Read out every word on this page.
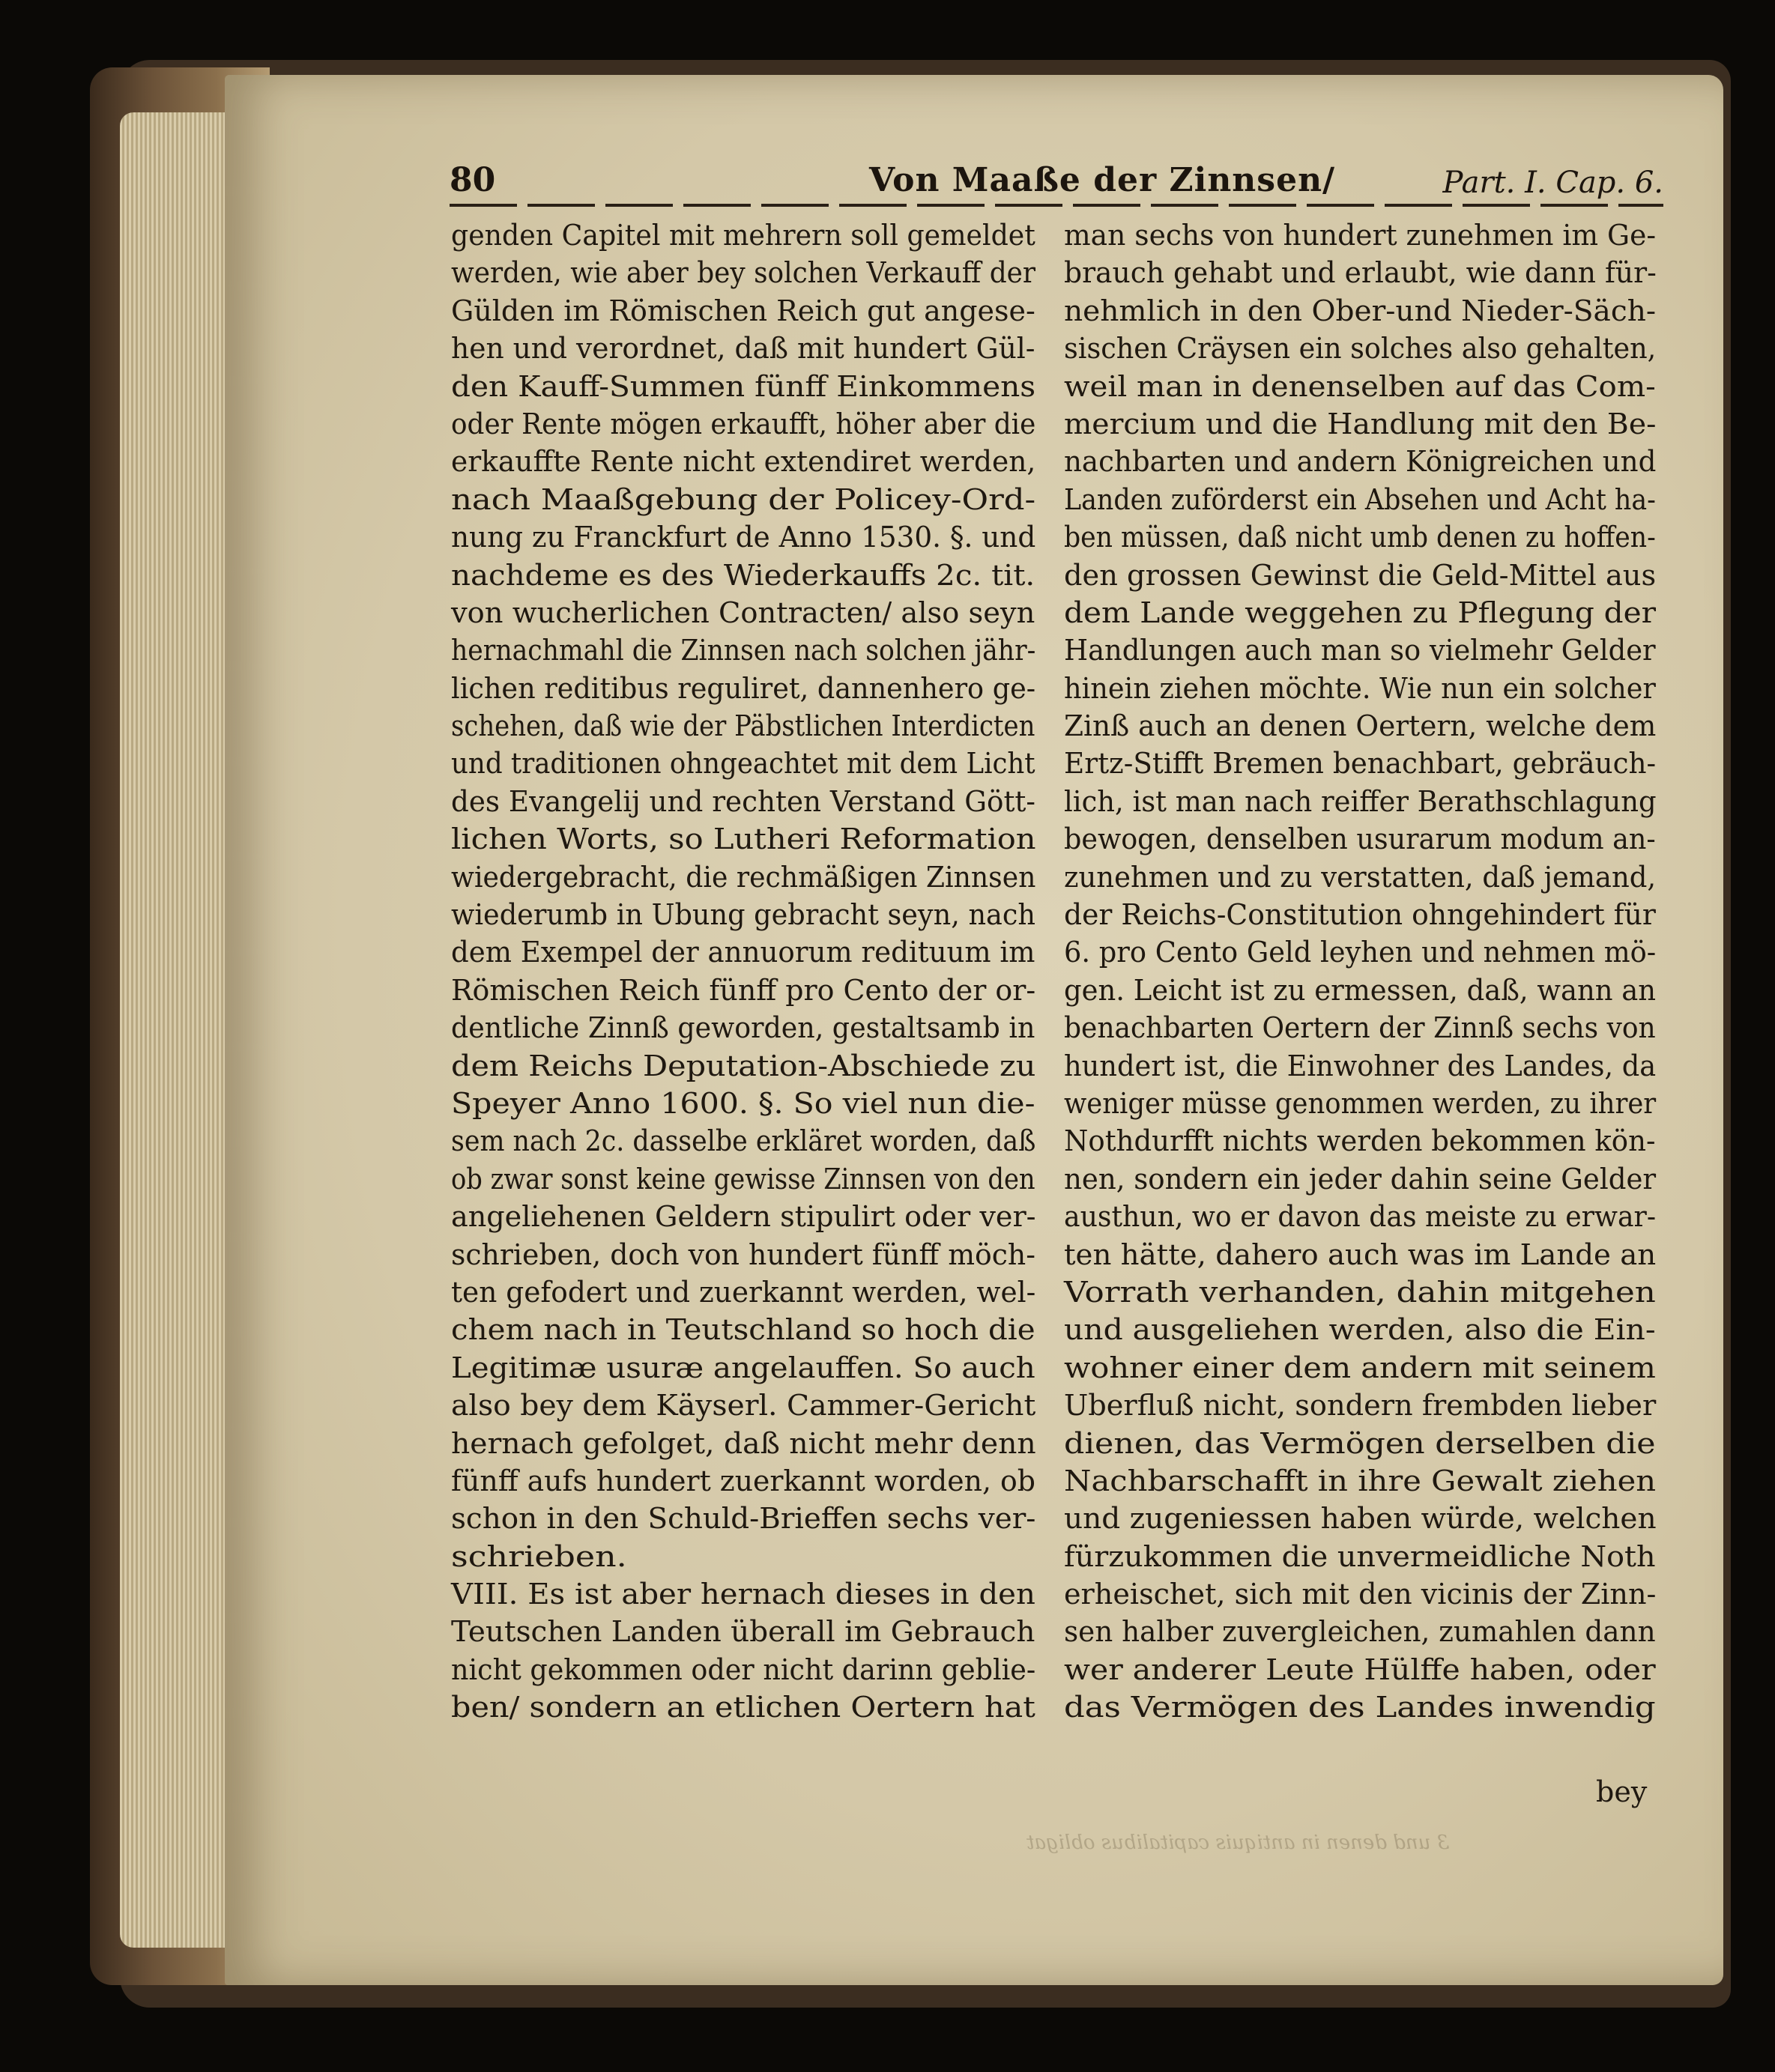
80	Von Maaße der Zinnsen/	Part. I. Cap. 6.
genden Capitel mit mehrern soll gemeldet
werden, wie aber bey solchen Verkauff der
Gülden im Römischen Reich gut angese-
hen und verordnet, daß mit hundert Gül-
den Kauff-Summen fünff Einkommens
oder Rente mögen erkaufft, höher aber die
erkauffte Rente nicht extendiret werden,
nach Maaßgebung der Policey-Ord-
nung zu Franckfurt de Anno 1530. §. und
nachdeme es des Wiederkauffs 2c. tit.
von wucherlichen Contracten/ also seyn
hernachmahl die Zinnsen nach solchen jähr-
lichen reditibus reguliret, dannenhero ge-
schehen, daß wie der Päbstlichen Interdicten
und traditionen ohngeachtet mit dem Licht
des Evangelij und rechten Verstand Gött-
lichen Worts, so Lutheri Reformation
wiedergebracht, die rechmäßigen Zinnsen
wiederumb in Ubung gebracht seyn, nach
dem Exempel der annuorum redituum im
Römischen Reich fünff pro Cento der or-
dentliche Zinnß geworden, gestaltsamb in
dem Reichs Deputation-Abschiede zu
Speyer Anno 1600. §. So viel nun die-
sem nach 2c. dasselbe erkläret worden, daß
ob zwar sonst keine gewisse Zinnsen von den
angeliehenen Geldern stipulirt oder ver-
schrieben, doch von hundert fünff möch-
ten gefodert und zuerkannt werden, wel-
chem nach in Teutschland so hoch die
Legitimæ usuræ angelauffen. So auch
also bey dem Käyserl. Cammer-Gericht
hernach gefolget, daß nicht mehr denn
fünff aufs hundert zuerkannt worden, ob
schon in den Schuld-Brieffen sechs ver-
schrieben.
VIII. Es ist aber hernach dieses in den
Teutschen Landen überall im Gebrauch
nicht gekommen oder nicht darinn geblie-
ben/ sondern an etlichen Oertern hat
man sechs von hundert zunehmen im Ge-
brauch gehabt und erlaubt, wie dann für-
nehmlich in den Ober-und Nieder-Säch-
sischen Cräysen ein solches also gehalten,
weil man in denenselben auf das Com-
mercium und die Handlung mit den Be-
nachbarten und andern Königreichen und
Landen zuförderst ein Absehen und Acht ha-
ben müssen, daß nicht umb denen zu hoffen-
den grossen Gewinst die Geld-Mittel aus
dem Lande weggehen zu Pflegung der
Handlungen auch man so vielmehr Gelder
hinein ziehen möchte. Wie nun ein solcher
Zinß auch an denen Oertern, welche dem
Ertz-Stifft Bremen benachbart, gebräuch-
lich, ist man nach reiffer Berathschlagung
bewogen, denselben usurarum modum an-
zunehmen und zu verstatten, daß jemand,
der Reichs-Constitution ohngehindert für
6. pro Cento Geld leyhen und nehmen mö-
gen. Leicht ist zu ermessen, daß, wann an
benachbarten Oertern der Zinnß sechs von
hundert ist, die Einwohner des Landes, da
weniger müsse genommen werden, zu ihrer
Nothdurfft nichts werden bekommen kön-
nen, sondern ein jeder dahin seine Gelder
austhun, wo er davon das meiste zu erwar-
ten hätte, dahero auch was im Lande an
Vorrath verhanden, dahin mitgehen
und ausgeliehen werden, also die Ein-
wohner einer dem andern mit seinem
Uberfluß nicht, sondern frembden lieber
dienen, das Vermögen derselben die
Nachbarschafft in ihre Gewalt ziehen
und zugeniessen haben würde, welchen
fürzukommen die unvermeidliche Noth
erheischet, sich mit den vicinis der Zinn-
sen halber zuvergleichen, zumahlen dann
wer anderer Leute Hülffe haben, oder
das Vermögen des Landes inwendig
bey
3 und denen in antiquis capitalibus obligat
